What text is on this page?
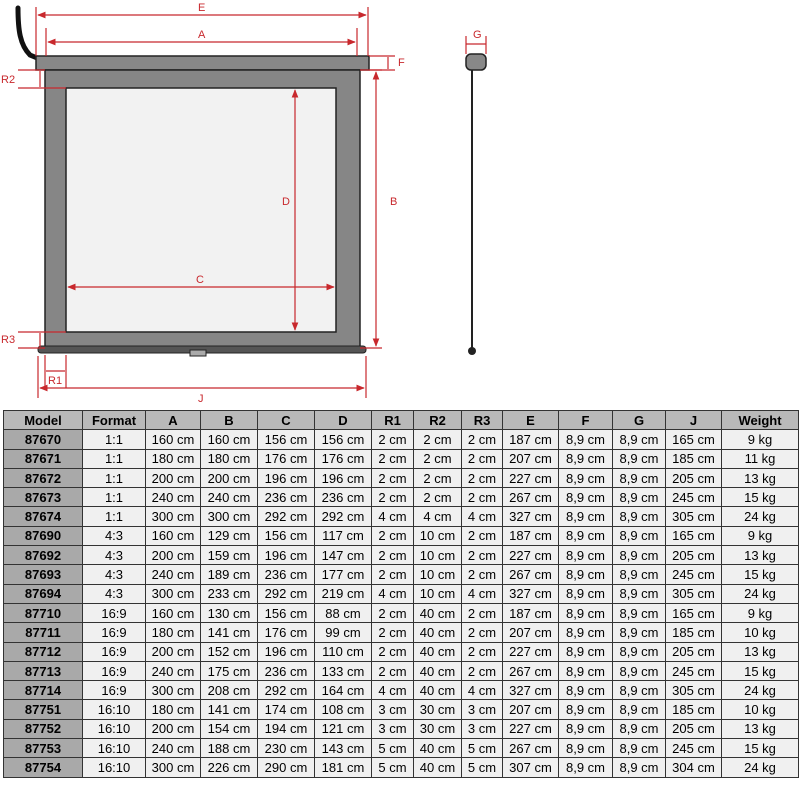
E
A
F
G
R2
D	B
C
R3
R1
J
Model	Format	A	B	C	D	R1	R2	R3	E	F	G	J	Weight
87670	1:1	160 cm	160 cm	156 cm	156 cm	2 cm	2 cm	2 cm	187 cm	8,9 cm	8,9 cm	165 cm	9 kg
87671	1:1	180 cm	180 cm	176 cm	176 cm	2 cm	2 cm	2 cm	207 cm	8,9 cm	8,9 cm	185 cm	11 kg
87672	1:1	200 cm	200 cm	196 cm	196 cm	2 cm	2 cm	2 cm	227 cm	8,9 cm	8,9 cm	205 cm	13 kg
87673	1:1	240 cm	240 cm	236 cm	236 cm	2 cm	2 cm	2 cm	267 cm	8,9 cm	8,9 cm	245 cm	15 kg
87674	1:1	300 cm	300 cm	292 cm	292 cm	4 cm	4 cm	4 cm	327 cm	8,9 cm	8,9 cm	305 cm	24 kg
87690	4:3	160 cm	129 cm	156 cm	117 cm	2 cm	10 cm	2 cm	187 cm	8,9 cm	8,9 cm	165 cm	9 kg
87692	4:3	200 cm	159 cm	196 cm	147 cm	2 cm	10 cm	2 cm	227 cm	8,9 cm	8,9 cm	205 cm	13 kg
87693	4:3	240 cm	189 cm	236 cm	177 cm	2 cm	10 cm	2 cm	267 cm	8,9 cm	8,9 cm	245 cm	15 kg
87694	4:3	300 cm	233 cm	292 cm	219 cm	4 cm	10 cm	4 cm	327 cm	8,9 cm	8,9 cm	305 cm	24 kg
87710	16:9	160 cm	130 cm	156 cm	88 cm	2 cm	40 cm	2 cm	187 cm	8,9 cm	8,9 cm	165 cm	9 kg
87711	16:9	180 cm	141 cm	176 cm	99 cm	2 cm	40 cm	2 cm	207 cm	8,9 cm	8,9 cm	185 cm	10 kg
87712	16:9	200 cm	152 cm	196 cm	110 cm	2 cm	40 cm	2 cm	227 cm	8,9 cm	8,9 cm	205 cm	13 kg
87713	16:9	240 cm	175 cm	236 cm	133 cm	2 cm	40 cm	2 cm	267 cm	8,9 cm	8,9 cm	245 cm	15 kg
87714	16:9	300 cm	208 cm	292 cm	164 cm	4 cm	40 cm	4 cm	327 cm	8,9 cm	8,9 cm	305 cm	24 kg
87751	16:10	180 cm	141 cm	174 cm	108 cm	3 cm	30 cm	3 cm	207 cm	8,9 cm	8,9 cm	185 cm	10 kg
87752	16:10	200 cm	154 cm	194 cm	121 cm	3 cm	30 cm	3 cm	227 cm	8,9 cm	8,9 cm	205 cm	13 kg
87753	16:10	240 cm	188 cm	230 cm	143 cm	5 cm	40 cm	5 cm	267 cm	8,9 cm	8,9 cm	245 cm	15 kg
87754	16:10	300 cm	226 cm	290 cm	181 cm	5 cm	40 cm	5 cm	307 cm	8,9 cm	8,9 cm	304 cm	24 kg
